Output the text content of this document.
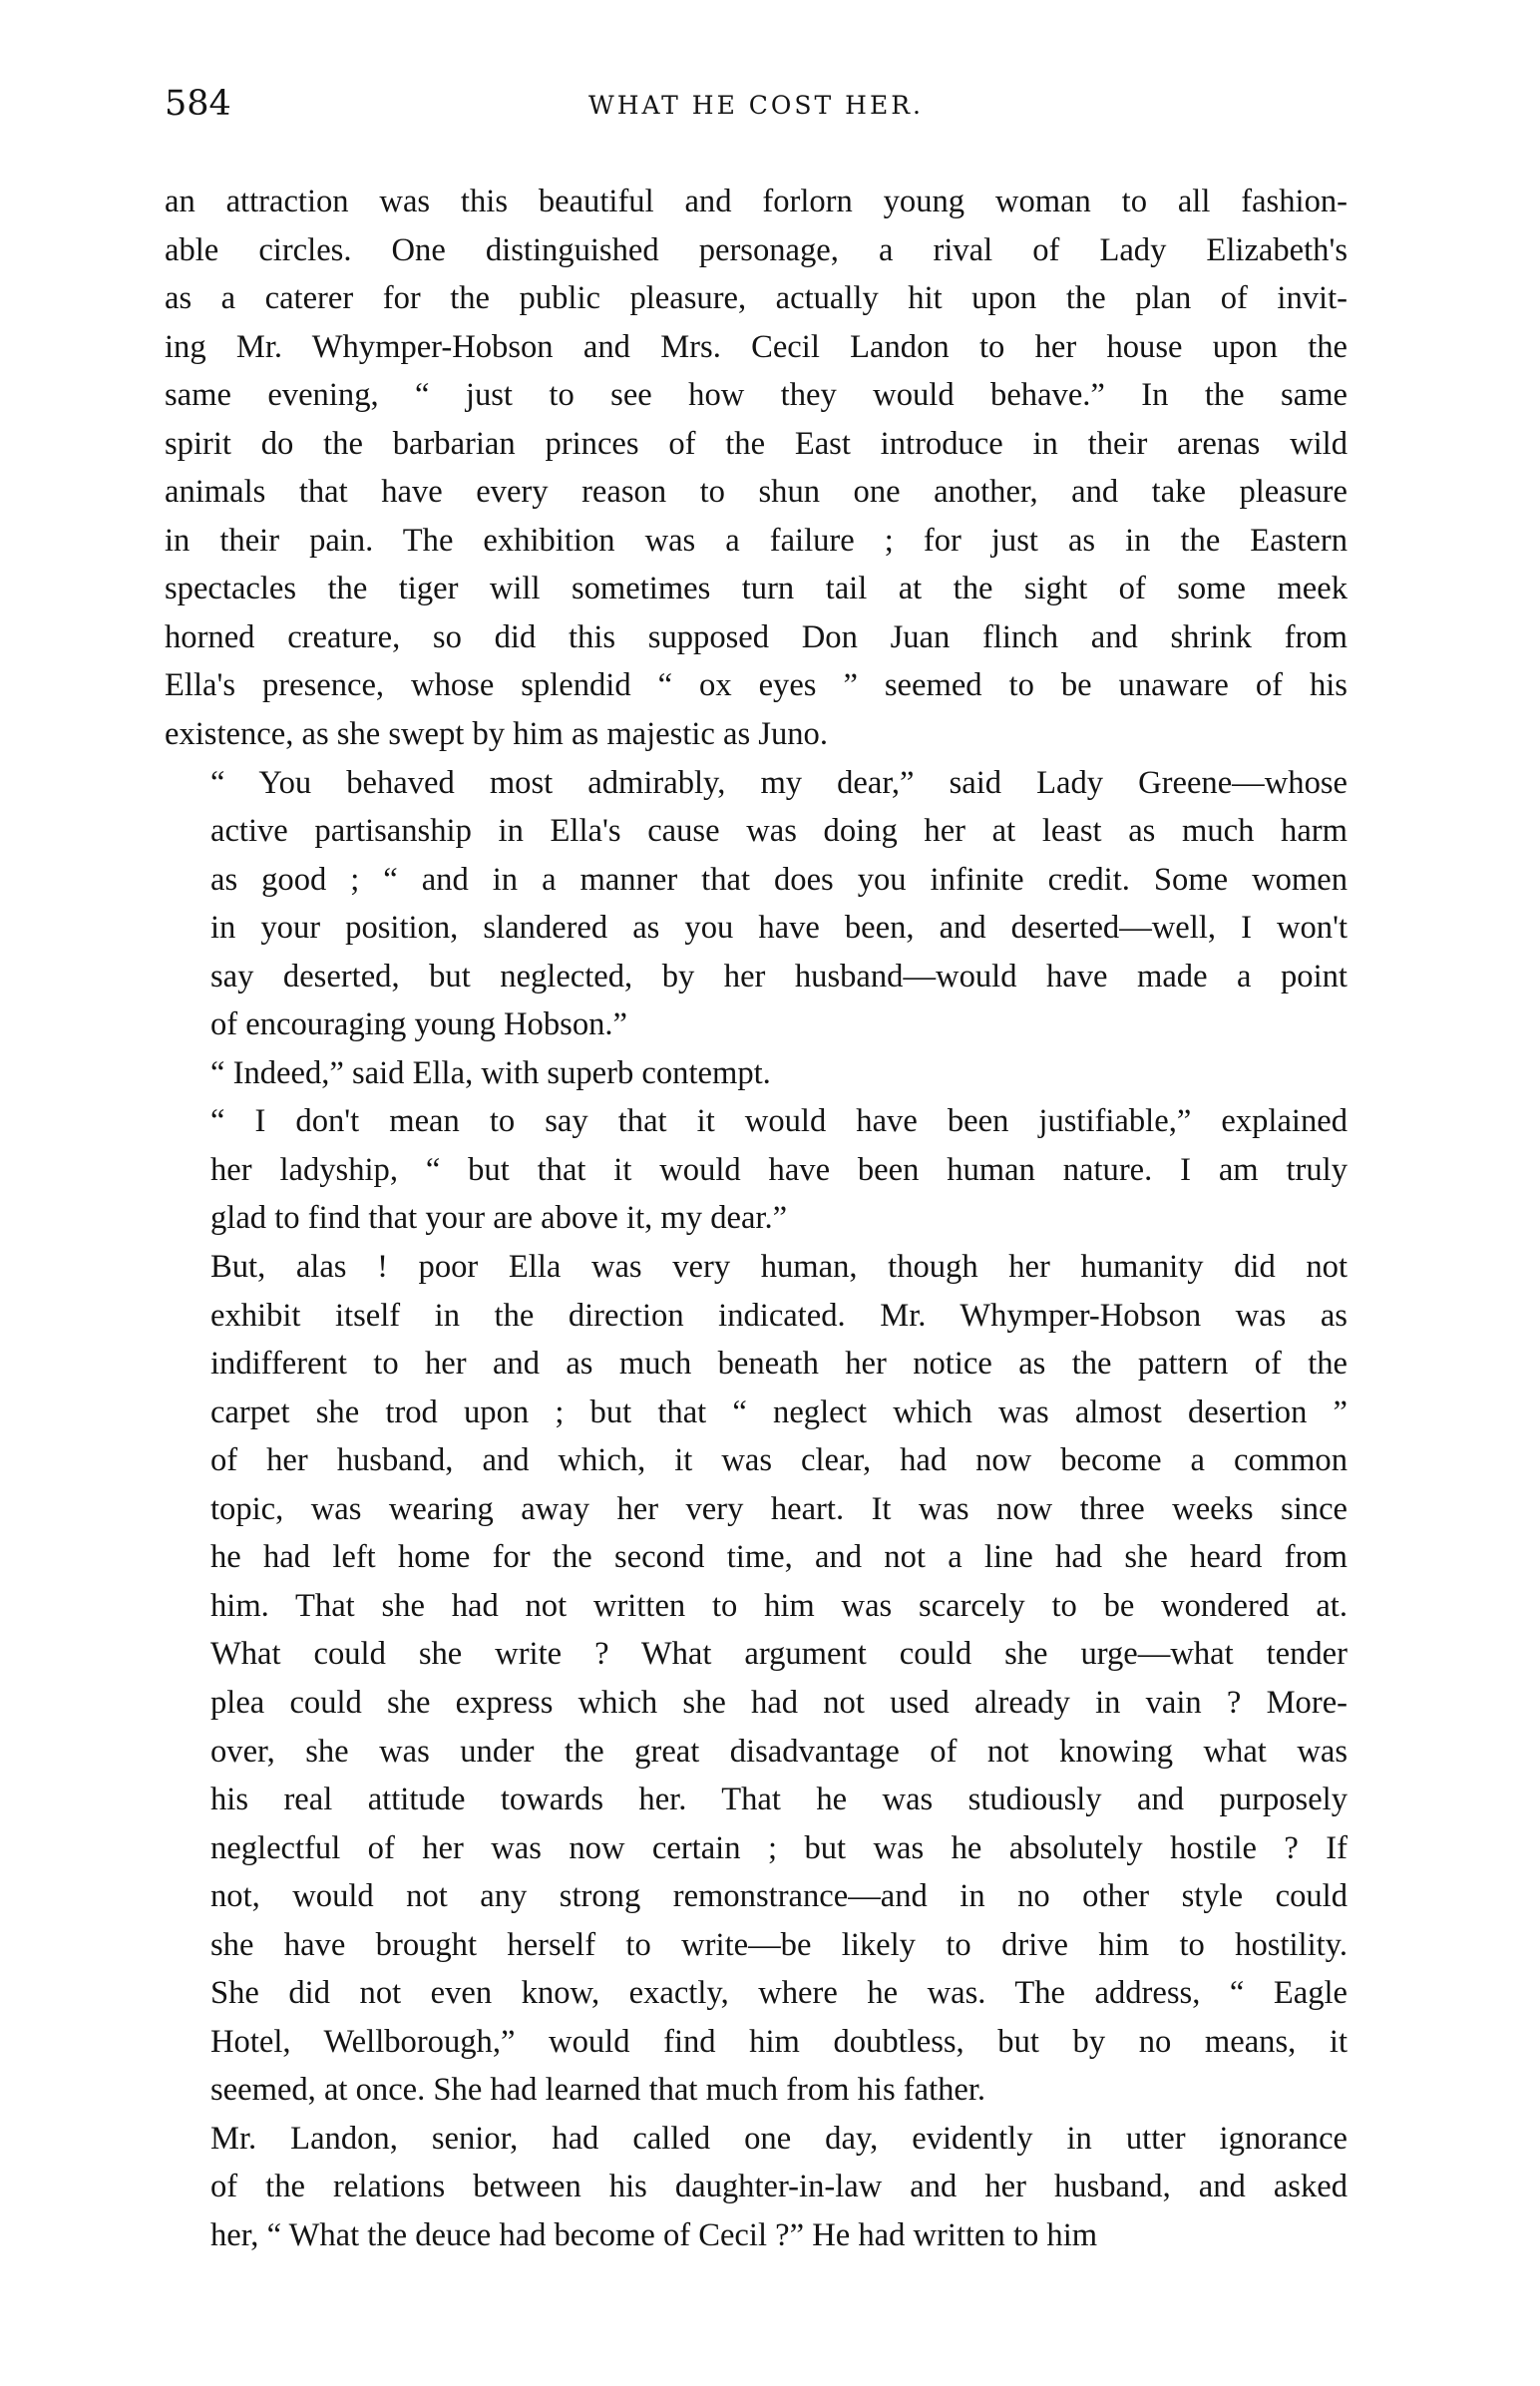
584	WHAT HE COST HER.
an attraction was this beautiful and forlorn young woman to all fashion-
able circles. One distinguished personage, a rival of Lady Elizabeth's
as a caterer for the public pleasure, actually hit upon the plan of invit-
ing Mr. Whymper-Hobson and Mrs. Cecil Landon to her house upon the
same evening, “ just to see how they would behave.” In the same
spirit do the barbarian princes of the East introduce in their arenas wild
animals that have every reason to shun one another, and take pleasure
in their pain. The exhibition was a failure ; for just as in the Eastern
spectacles the tiger will sometimes turn tail at the sight of some meek
horned creature, so did this supposed Don Juan flinch and shrink from
Ella's presence, whose splendid “ ox eyes ” seemed to be unaware of his
existence, as she swept by him as majestic as Juno.
“ You behaved most admirably, my dear,” said Lady Greene—whose
active partisanship in Ella's cause was doing her at least as much harm
as good ; “ and in a manner that does you infinite credit. Some women
in your position, slandered as you have been, and deserted—well, I won't
say deserted, but neglected, by her husband—would have made a point
of encouraging young Hobson.”
“ Indeed,” said Ella, with superb contempt.
“ I don't mean to say that it would have been justifiable,” explained
her ladyship, “ but that it would have been human nature. I am truly
glad to find that your are above it, my dear.”
But, alas ! poor Ella was very human, though her humanity did not
exhibit itself in the direction indicated. Mr. Whymper-Hobson was as
indifferent to her and as much beneath her notice as the pattern of the
carpet she trod upon ; but that “ neglect which was almost desertion ”
of her husband, and which, it was clear, had now become a common
topic, was wearing away her very heart. It was now three weeks since
he had left home for the second time, and not a line had she heard from
him. That she had not written to him was scarcely to be wondered at.
What could she write ? What argument could she urge—what tender
plea could she express which she had not used already in vain ? More-
over, she was under the great disadvantage of not knowing what was
his real attitude towards her. That he was studiously and purposely
neglectful of her was now certain ; but was he absolutely hostile ? If
not, would not any strong remonstrance—and in no other style could
she have brought herself to write—be likely to drive him to hostility.
She did not even know, exactly, where he was. The address, “ Eagle
Hotel, Wellborough,” would find him doubtless, but by no means, it
seemed, at once. She had learned that much from his father.
Mr. Landon, senior, had called one day, evidently in utter ignorance
of the relations between his daughter-in-law and her husband, and asked
her, “ What the deuce had become of Cecil ?” He had written to him
